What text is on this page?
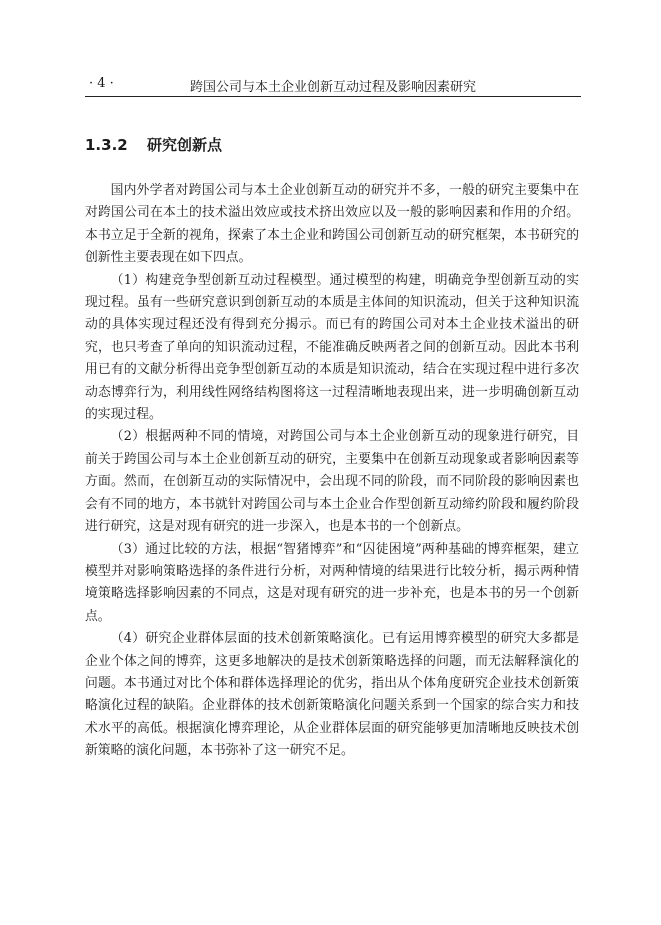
· 4 ·	跨国公司与本土企业创新互动过程及影响因素研究
1.3.2 研究创新点

国内外学者对跨国公司与本土企业创新互动的研究并不多，一般的研究主要集中在对跨国公司在本土的技术溢出效应或技术挤出效应以及一般的影响因素和作用的介绍。本书立足于全新的视角，探索了本土企业和跨国公司创新互动的研究框架，本书研究的创新性主要表现在如下四点。

（1）构建竞争型创新互动过程模型。通过模型的构建，明确竞争型创新互动的实现过程。虽有一些研究意识到创新互动的本质是主体间的知识流动，但关于这种知识流动的具体实现过程还没有得到充分揭示。而已有的跨国公司对本土企业技术溢出的研究，也只考查了单向的知识流动过程，不能准确反映两者之间的创新互动。因此本书利用已有的文献分析得出竞争型创新互动的本质是知识流动，结合在实现过程中进行多次动态博弈行为，利用线性网络结构图将这一过程清晰地表现出来，进一步明确创新互动的实现过程。

（2）根据两种不同的情境，对跨国公司与本土企业创新互动的现象进行研究，目前关于跨国公司与本土企业创新互动的研究，主要集中在创新互动现象或者影响因素等方面。然而，在创新互动的实际情况中，会出现不同的阶段，而不同阶段的影响因素也会有不同的地方，本书就针对跨国公司与本土企业合作型创新互动缔约阶段和履约阶段进行研究，这是对现有研究的进一步深入，也是本书的一个创新点。

（3）通过比较的方法，根据“智猪博弈”和“囚徒困境”两种基础的博弈框架，建立模型并对影响策略选择的条件进行分析，对两种情境的结果进行比较分析，揭示两种情境策略选择影响因素的不同点，这是对现有研究的进一步补充，也是本书的另一个创新点。

（4）研究企业群体层面的技术创新策略演化。已有运用博弈模型的研究大多都是企业个体之间的博弈，这更多地解决的是技术创新策略选择的问题，而无法解释演化的问题。本书通过对比个体和群体选择理论的优劣，指出从个体角度研究企业技术创新策略演化过程的缺陷。企业群体的技术创新策略演化问题关系到一个国家的综合实力和技术水平的高低。根据演化博弈理论，从企业群体层面的研究能够更加清晰地反映技术创新策略的演化问题，本书弥补了这一研究不足。
